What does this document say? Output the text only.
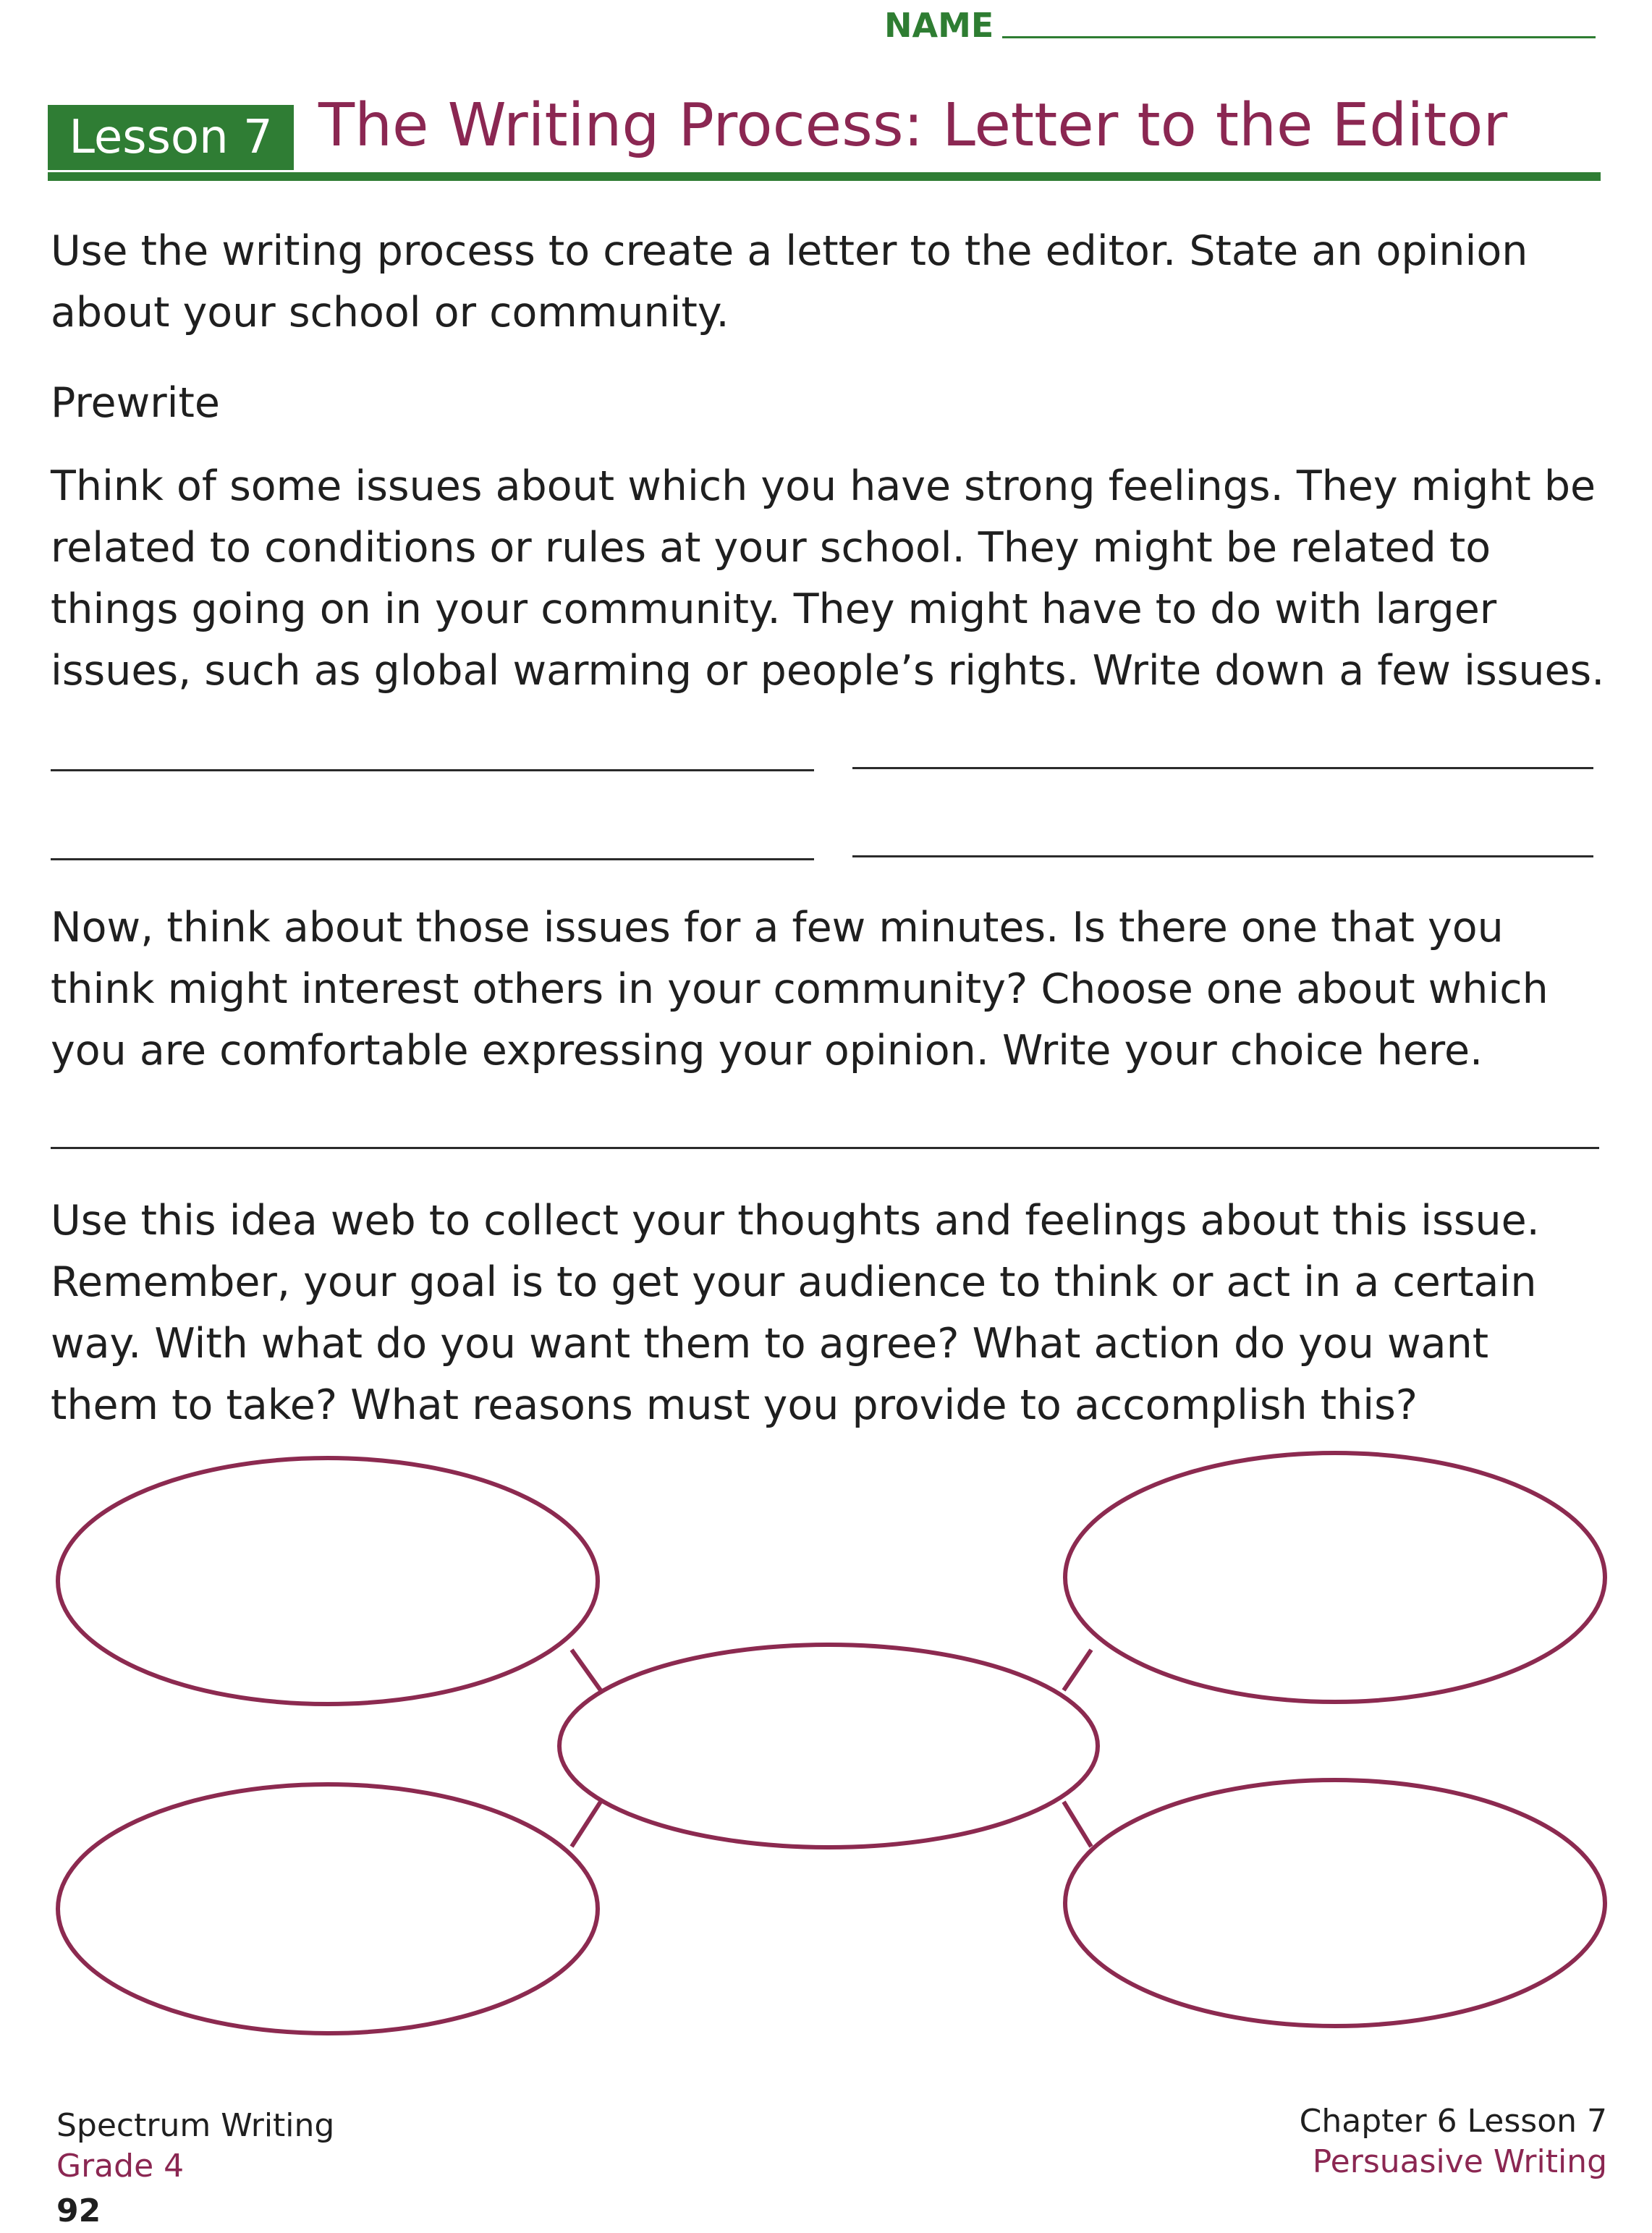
NAME
Lesson 7 The Writing Process: Letter to the Editor
Use the writing process to create a letter to the editor. State an opinion about your school or community.
Prewrite
Think of some issues about which you have strong feelings. They might be related to conditions or rules at your school. They might be related to things going on in your community. They might have to do with larger issues, such as global warming or people’s rights. Write down a few issues.
Now, think about those issues for a few minutes. Is there one that you think might interest others in your community? Choose one about which you are comfortable expressing your opinion. Write your choice here.
Use this idea web to collect your thoughts and feelings about this issue. Remember, your goal is to get your audience to think or act in a certain way. With what do you want them to agree? What action do you want them to take? What reasons must you provide to accomplish this?
Spectrum Writing
Grade 4
92
Chapter 6 Lesson 7
Persuasive Writing
